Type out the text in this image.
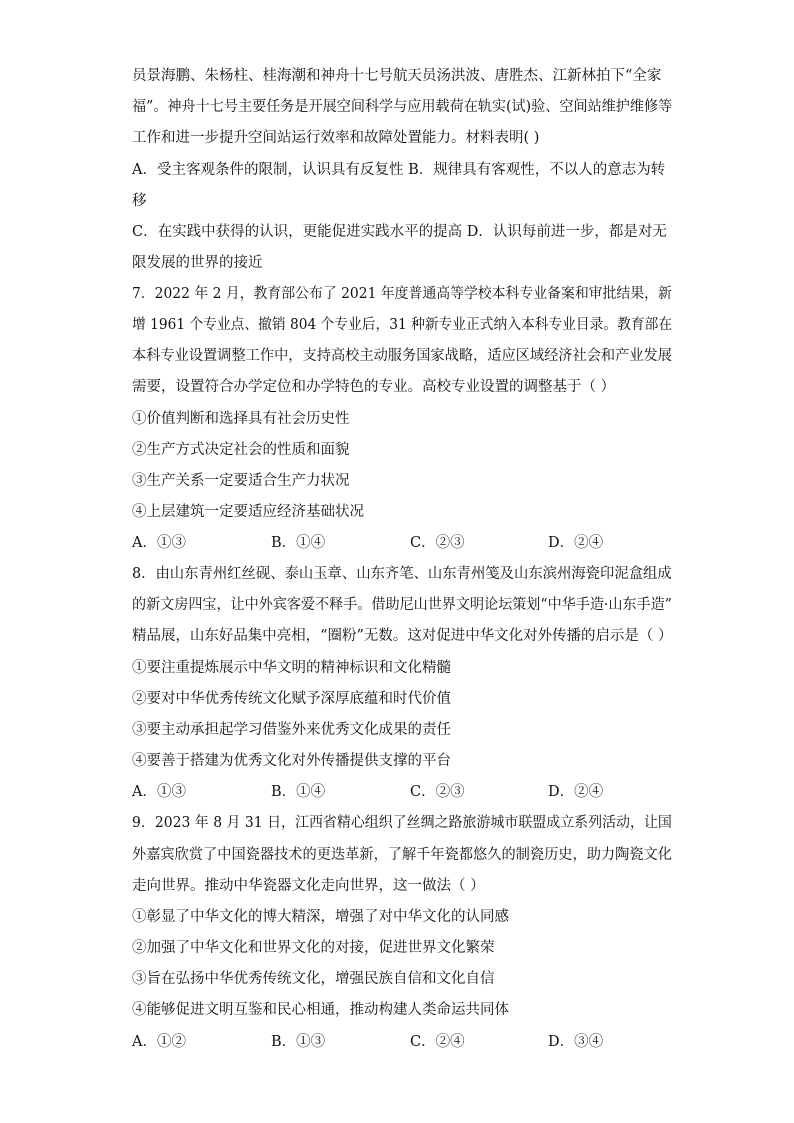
员景海鹏、朱杨柱、桂海潮和神舟十七号航天员汤洪波、唐胜杰、江新林拍下“全家
福”。神舟十七号主要任务是开展空间科学与应用载荷在轨实(试)验、空间站维护维修等
工作和进一步提升空间站运行效率和故障处置能力。材料表明( )
A．受主客观条件的限制，认识具有反复性 B．规律具有客观性，不以人的意志为转
移
C．在实践中获得的认识，更能促进实践水平的提高 D．认识每前进一步，都是对无
限发展的世界的接近
7．2022 年 2 月，教育部公布了 2021 年度普通高等学校本科专业备案和审批结果，新
增 1961 个专业点、撤销 804 个专业后，31 种新专业正式纳入本科专业目录。教育部在
本科专业设置调整工作中，支持高校主动服务国家战略，适应区域经济社会和产业发展
需要，设置符合办学定位和办学特色的专业。高校专业设置的调整基于（ ）
①价值判断和选择具有社会历史性
②生产方式决定社会的性质和面貌
③生产关系一定要适合生产力状况
④上层建筑一定要适应经济基础状况
A．①③	B．①④	C．②③	D．②④
8．由山东青州红丝砚、泰山玉章、山东齐笔、山东青州笺及山东滨州海瓷印泥盒组成
的新文房四宝，让中外宾客爱不释手。借助尼山世界文明论坛策划“中华手造·山东手造”
精品展，山东好品集中亮相，“圈粉”无数。这对促进中华文化对外传播的启示是（ ）
①要注重提炼展示中华文明的精神标识和文化精髓
②要对中华优秀传统文化赋予深厚底蕴和时代价值
③要主动承担起学习借鉴外来优秀文化成果的责任
④要善于搭建为优秀文化对外传播提供支撑的平台
A．①③	B．①④	C．②③	D．②④
9．2023 年 8 月 31 日，江西省精心组织了丝绸之路旅游城市联盟成立系列活动，让国
外嘉宾欣赏了中国瓷器技术的更迭革新，了解千年瓷都悠久的制瓷历史，助力陶瓷文化
走向世界。推动中华瓷器文化走向世界，这一做法（ ）
①彰显了中华文化的博大精深，增强了对中华文化的认同感
②加强了中华文化和世界文化的对接，促进世界文化繁荣
③旨在弘扬中华优秀传统文化，增强民族自信和文化自信
④能够促进文明互鉴和民心相通，推动构建人类命运共同体
A．①②	B．①③	C．②④	D．③④
